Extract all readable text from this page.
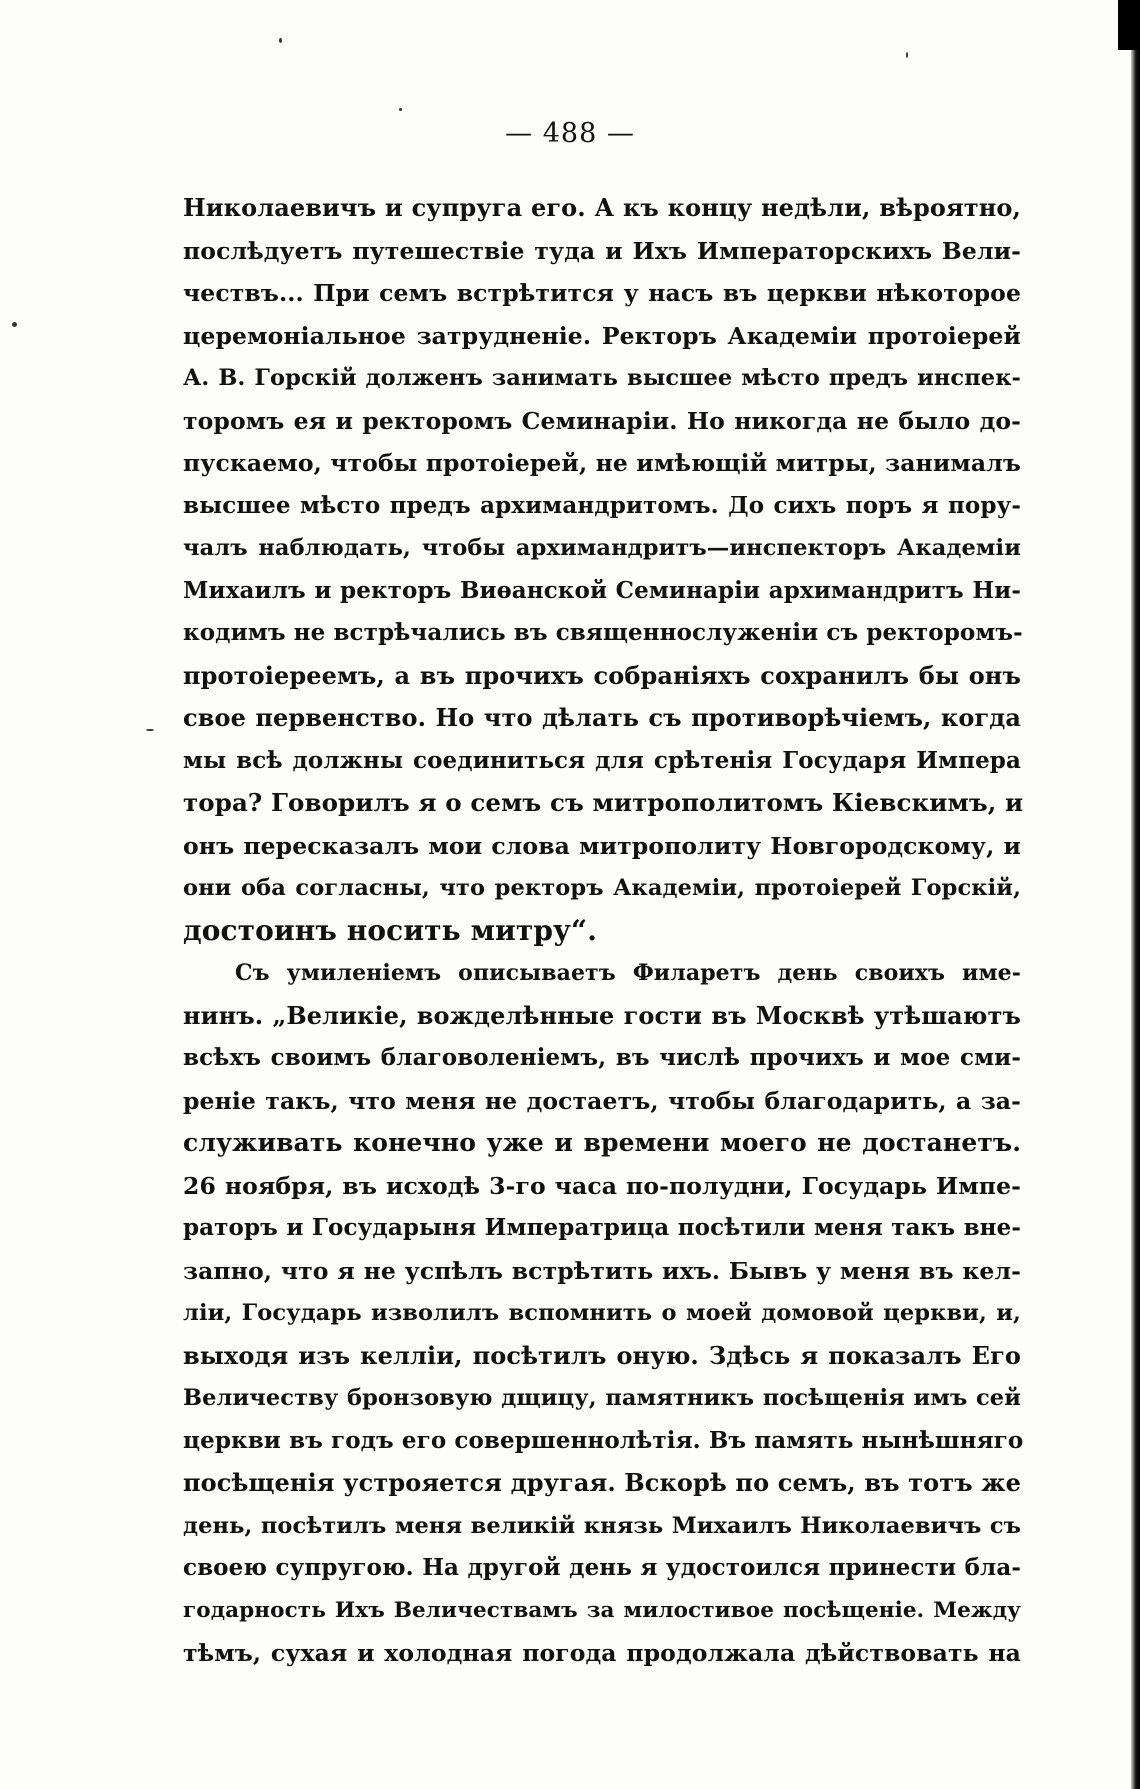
— 488 —
Николаевичъ и супруга его. А къ концу недѣли, вѣроятно,
послѣдуетъ путешествіе туда и Ихъ Императорскихъ Вели-
чествъ... При семъ встрѣтится у насъ въ церкви нѣкоторое
церемоніальное затрудненіе. Ректоръ Академіи протоіерей
А. В. Горскій долженъ занимать высшее мѣсто предъ инспек-
торомъ ея и ректоромъ Семинаріи. Но никогда не было до-
пускаемо, чтобы протоіерей, не имѣющій митры, занималъ
высшее мѣсто предъ архимандритомъ. До сихъ поръ я пору-
чалъ наблюдать, чтобы архимандритъ—инспекторъ Академіи
Михаилъ и ректоръ Виѳанской Семинаріи архимандритъ Ни-
кодимъ не встрѣчались въ священнослуженіи съ ректоромъ-
протоіереемъ, а въ прочихъ собраніяхъ сохранилъ бы онъ
свое первенство. Но что дѣлать съ противорѣчіемъ, когда
мы всѣ должны соединиться для срѣтенія Государя Импера
тора? Говорилъ я о семъ съ митрополитомъ Кіевскимъ, и
онъ пересказалъ мои слова митрополиту Новгородскому, и
они оба согласны, что ректоръ Академіи, протоіерей Горскій,
достоинъ носить митру“.
Съ умиленіемъ описываетъ Филаретъ день своихъ име-
нинъ. „Великіе, вожделѣнные гости въ Москвѣ утѣшаютъ
всѣхъ своимъ благоволеніемъ, въ числѣ прочихъ и мое сми-
реніе такъ, что меня не достаетъ, чтобы благодарить, а за-
служивать конечно уже и времени моего не достанетъ.
26 ноября, въ исходѣ 3-го часа по-полудни, Государь Импе-
раторъ и Государыня Императрица посѣтили меня такъ вне-
запно, что я не успѣлъ встрѣтить ихъ. Бывъ у меня въ кел-
ліи, Государь изволилъ вспомнить о моей домовой церкви, и,
выходя изъ келліи, посѣтилъ оную. Здѣсь я показалъ Его
Величеству бронзовую дщицу, памятникъ посѣщенія имъ сей
церкви въ годъ его совершеннолѣтія. Въ память нынѣшняго
посѣщенія устрояется другая. Вскорѣ по семъ, въ тотъ же
день, посѣтилъ меня великій князь Михаилъ Николаевичъ съ
своею супругою. На другой день я удостоился принести бла-
годарность Ихъ Величествамъ за милостивое посѣщеніе. Между
тѣмъ, сухая и холодная погода продолжала дѣйствовать на
